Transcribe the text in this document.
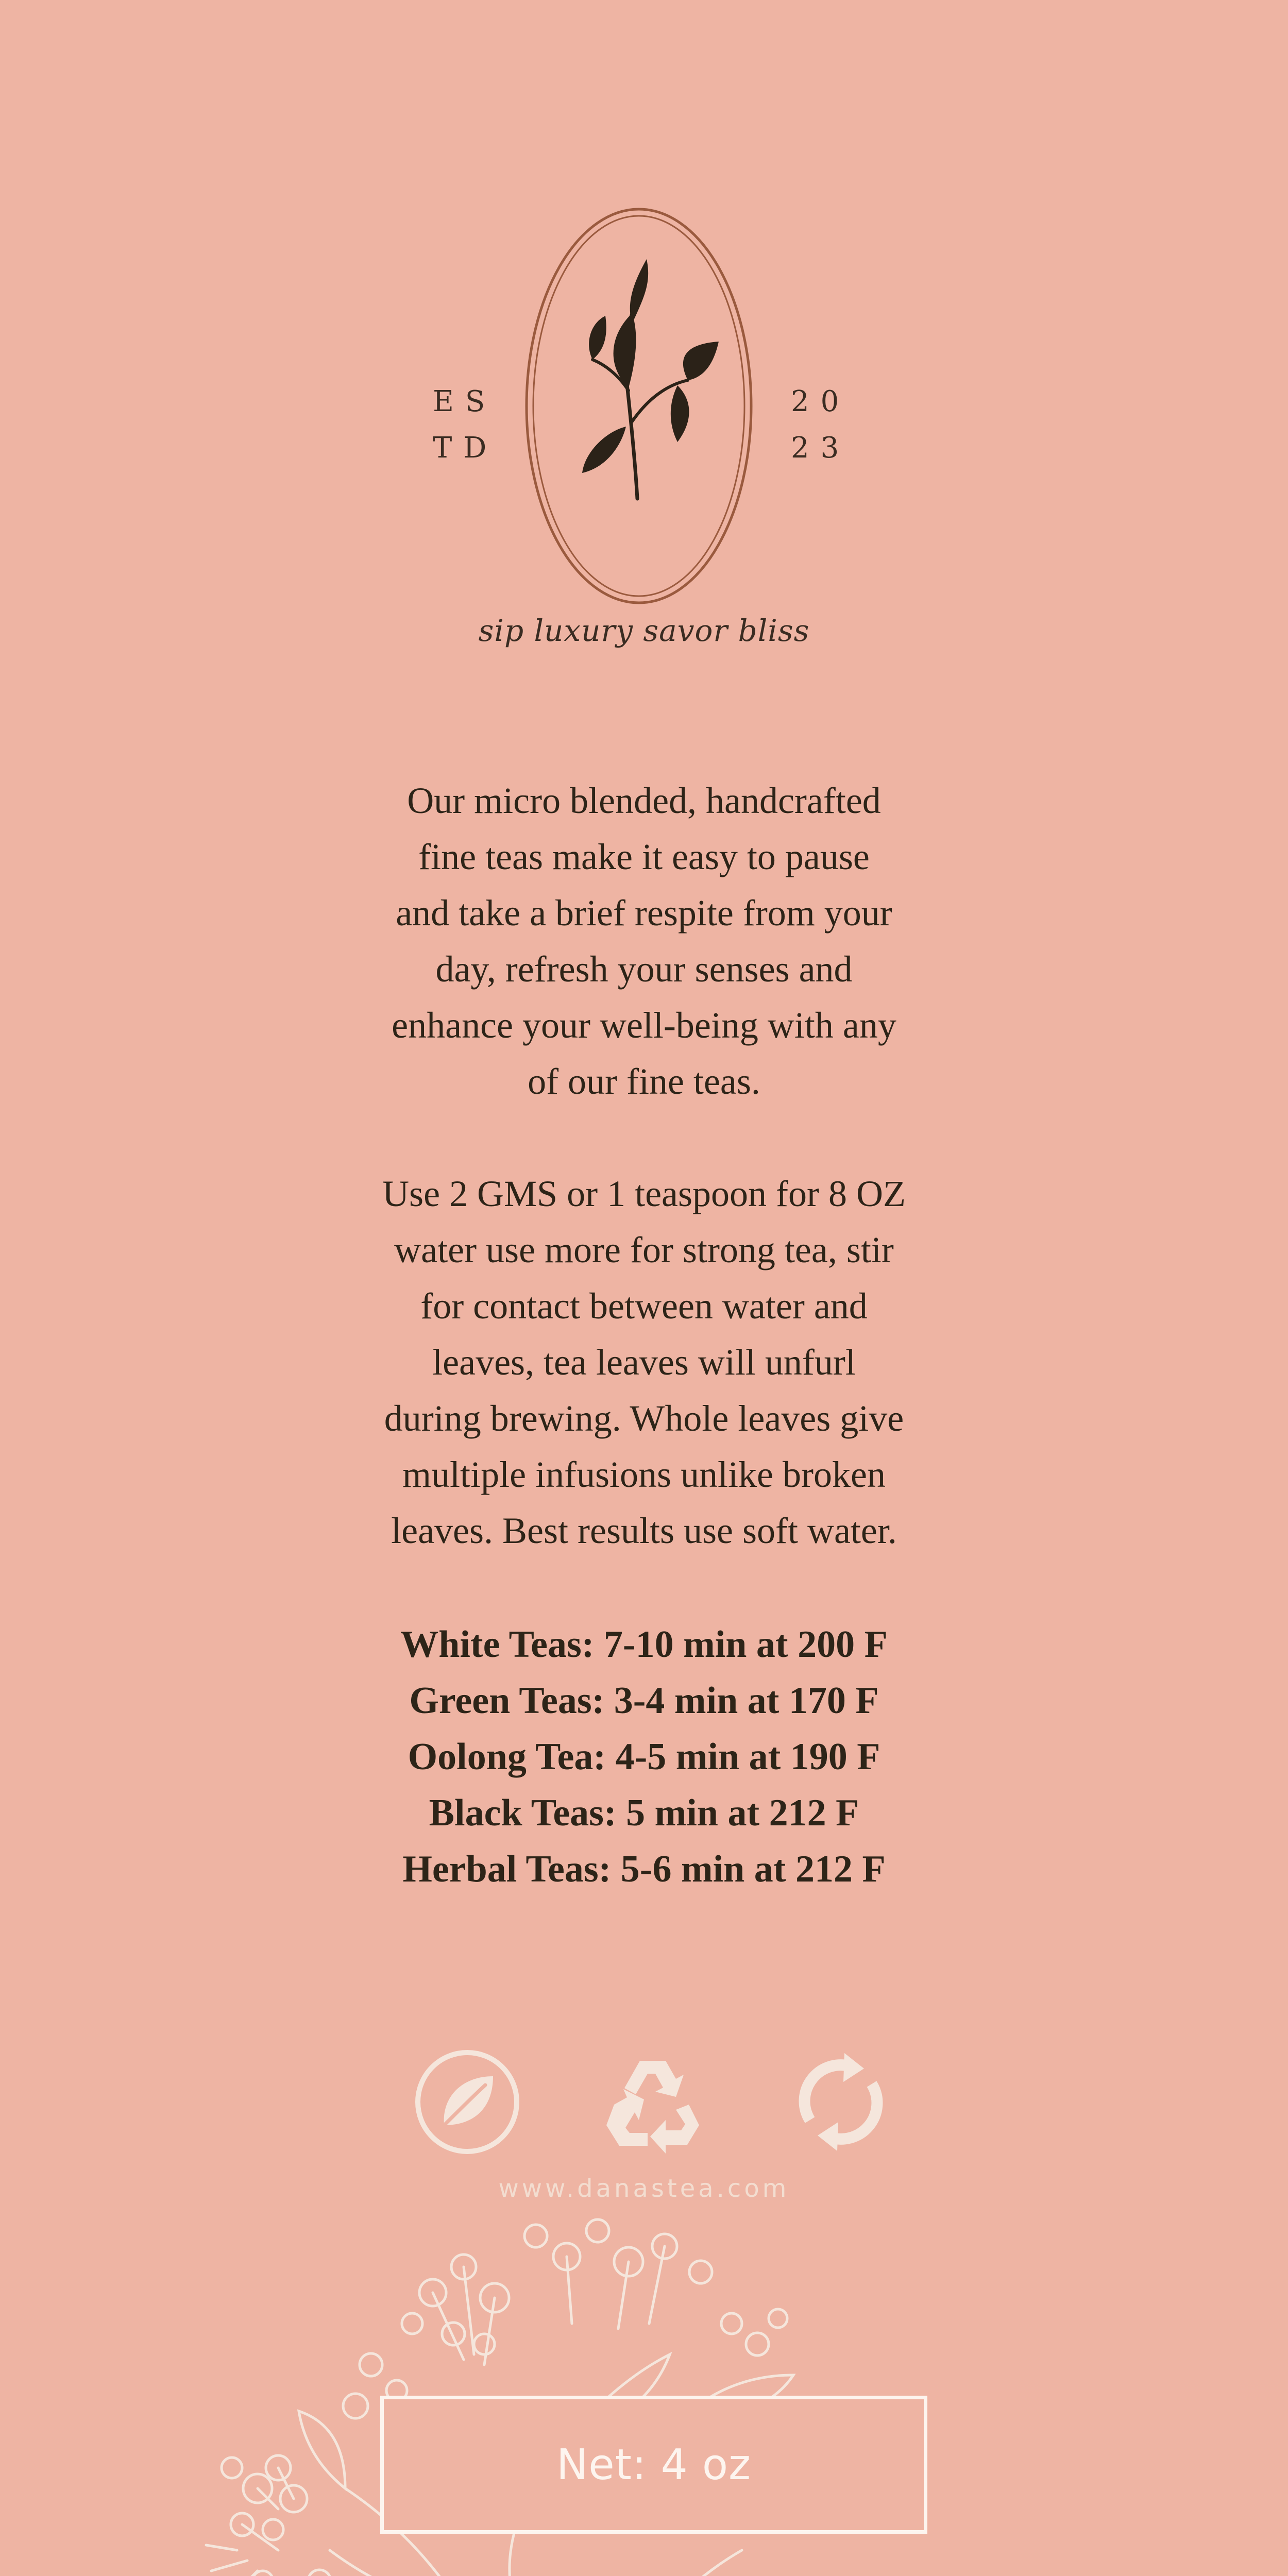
ES
TD
20
23
sip luxury savor bliss

Our micro blended, handcrafted
fine teas make it easy to pause
and take a brief respite from your
day, refresh your senses and
enhance your well-being with any
of our fine teas.

Use 2 GMS or 1 teaspoon for 8 OZ
water use more for strong tea, stir
for contact between water and
leaves, tea leaves will unfurl
during brewing. Whole leaves give
multiple infusions unlike broken
leaves. Best results use soft water.

White Teas: 7-10 min at 200 F
Green Teas: 3-4 min at 170 F
Oolong Tea: 4-5 min at 190 F
Black Teas: 5 min at 212 F
Herbal Teas: 5-6 min at 212 F
www.danastea.com
Net: 4 oz
